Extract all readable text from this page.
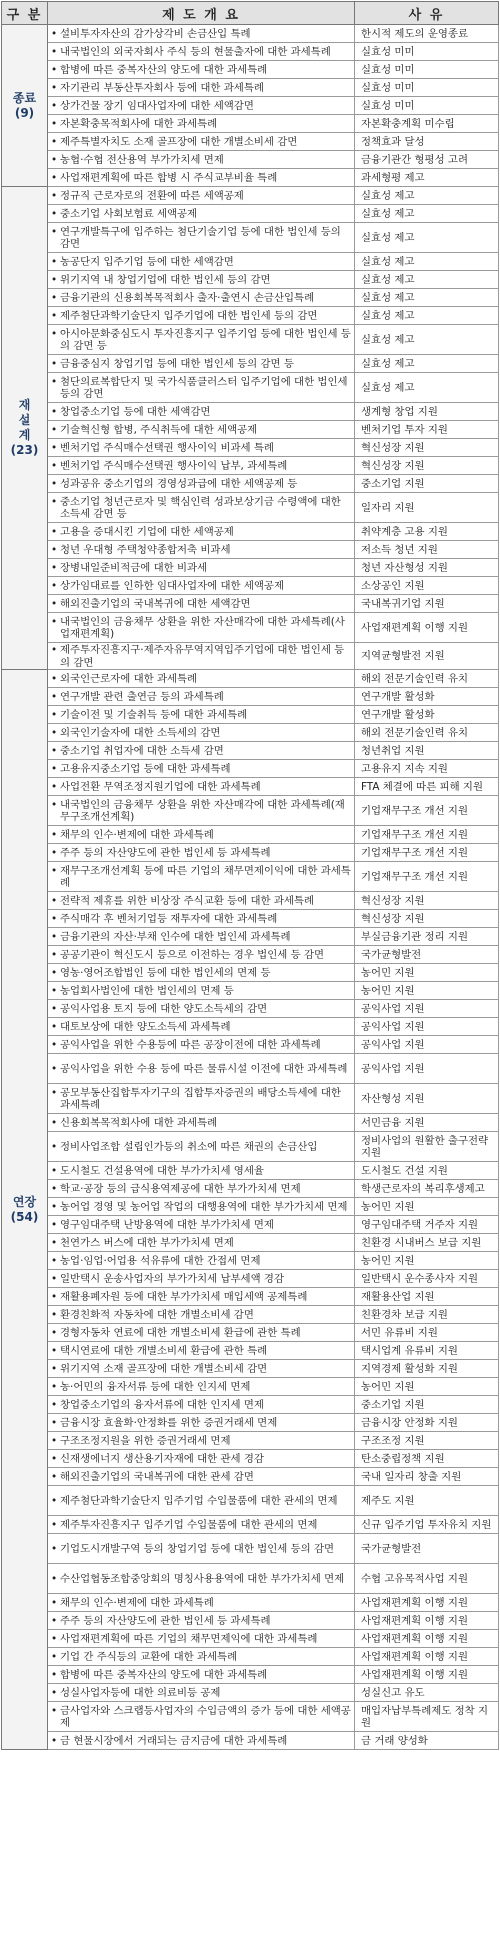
구 분	제 도 개 요	사 유

종료
(9)	• 설비투자자산의 감가상각비 손금산입 특례	한시적 제도의 운영종료
	• 내국법인의 외국자회사 주식 등의 현물출자에 대한 과세특례	실효성 미미
	• 합병에 따른 중복자산의 양도에 대한 과세특례	실효성 미미
	• 자기관리 부동산투자회사 등에 대한 과세특례	실효성 미미
	• 상가건물 장기 임대사업자에 대한 세액감면	실효성 미미
	• 자본확충목적회사에 대한 과세특례	자본확충계획 미수립
	• 제주특별자치도 소재 골프장에 대한 개별소비세 감면	정책효과 달성
	• 농협·수협 전산용역 부가가치세 면제	금융기관간 형평성 고려
	• 사업재편계획에 따른 합병 시 주식교부비율 특례	과세형평 제고

재설계
(23)	• 정규직 근로자로의 전환에 따른 세액공제	실효성 제고
	• 중소기업 사회보험료 세액공제	실효성 제고
	• 연구개발특구에 입주하는 첨단기술기업 등에 대한 법인세 등의 감면	실효성 제고
	• 농공단지 입주기업 등에 대한 세액감면	실효성 제고
	• 위기지역 내 창업기업에 대한 법인세 등의 감면	실효성 제고
	• 금융기관의 신용회복목적회사 출자·출연시 손금산입특례	실효성 제고
	• 제주첨단과학기술단지 입주기업에 대한 법인세 등의 감면	실효성 제고
	• 아시아문화중심도시 투자진흥지구 입주기업 등에 대한 법인세 등의 감면 등	실효성 제고
	• 금융중심지 창업기업 등에 대한 법인세 등의 감면 등	실효성 제고
	• 첨단의료복합단지 및 국가식품클러스터 입주기업에 대한 법인세 등의 감면	실효성 제고
	• 창업중소기업 등에 대한 세액감면	생계형 창업 지원
	• 기술혁신형 합병, 주식취득에 대한 세액공제	벤처기업 투자 지원
	• 벤처기업 주식매수선택권 행사이익 비과세 특례	혁신성장 지원
	• 벤처기업 주식매수선택권 행사이익 납부, 과세특례	혁신성장 지원
	• 성과공유 중소기업의 경영성과급에 대한 세액공제 등	중소기업 지원
	• 중소기업 청년근로자 및 핵심인력 성과보상기금 수령액에 대한 소득세 감면 등	일자리 지원
	• 고용을 증대시킨 기업에 대한 세액공제	취약계층 고용 지원
	• 청년 우대형 주택청약종합저축 비과세	저소득 청년 지원
	• 장병내일준비적금에 대한 비과세	청년 자산형성 지원
	• 상가임대료를 인하한 임대사업자에 대한 세액공제	소상공인 지원
	• 해외진출기업의 국내복귀에 대한 세액감면	국내복귀기업 지원
	• 내국법인의 금융채무 상환을 위한 자산매각에 대한 과세특례(사업재편계획)	사업재편계획 이행 지원
	• 제주투자진흥지구·제주자유무역지역입주기업에 대한 법인세 등의 감면	지역균형발전 지원

연장
(54)	• 외국인근로자에 대한 과세특례	해외 전문기술인력 유치
	• 연구개발 관련 출연금 등의 과세특례	연구개발 활성화
	• 기술이전 및 기술취득 등에 대한 과세특례	연구개발 활성화
	• 외국인기술자에 대한 소득세의 감면	해외 전문기술인력 유치
	• 중소기업 취업자에 대한 소득세 감면	청년취업 지원
	• 고용유지중소기업 등에 대한 과세특례	고용유지 지속 지원
	• 사업전환 무역조정지원기업에 대한 과세특례	FTA 체결에 따른 피해 지원
	• 내국법인의 금융채무 상환을 위한 자산매각에 대한 과세특례(재무구조개선계획)	기업재무구조 개선 지원
	• 채무의 인수·변제에 대한 과세특례	기업재무구조 개선 지원
	• 주주 등의 자산양도에 관한 법인세 등 과세특례	기업재무구조 개선 지원
	• 재무구조개선계획 등에 따른 기업의 채무면제이익에 대한 과세특례	기업재무구조 개선 지원
	• 전략적 제휴를 위한 비상장 주식교환 등에 대한 과세특례	혁신성장 지원
	• 주식매각 후 벤처기업등 재투자에 대한 과세특례	혁신성장 지원
	• 금융기관의 자산·부채 인수에 대한 법인세 과세특례	부실금융기관 정리 지원
	• 공공기관이 혁신도시 등으로 이전하는 경우 법인세 등 감면	국가균형발전
	• 영농·영어조합법인 등에 대한 법인세의 면제 등	농어민 지원
	• 농업회사법인에 대한 법인세의 면제 등	농어민 지원
	• 공익사업용 토지 등에 대한 양도소득세의 감면	공익사업 지원
	• 대토보상에 대한 양도소득세 과세특례	공익사업 지원
	• 공익사업을 위한 수용등에 따른 공장이전에 대한 과세특례	공익사업 지원
	• 공익사업을 위한 수용 등에 따른 물류시설 이전에 대한 과세특례	공익사업 지원
	• 공모부동산집합투자기구의 집합투자증권의 배당소득세에 대한 과세특례	자산형성 지원
	• 신용회복목적회사에 대한 과세특례	서민금융 지원
	• 정비사업조합 설립인가등의 취소에 따른 채권의 손금산입	정비사업의 원활한 출구전략 지원
	• 도시철도 건설용역에 대한 부가가치세 영세율	도시철도 건설 지원
	• 학교·공장 등의 급식용역제공에 대한 부가가치세 면제	학생근로자의 복리후생제고
	• 농어업 경영 및 농어업 작업의 대행용역에 대한 부가가치세 면제	농어민 지원
	• 영구임대주택 난방용역에 대한 부가가치세 면제	영구임대주택 거주자 지원
	• 천연가스 버스에 대한 부가가치세 면제	친환경 시내버스 보급 지원
	• 농업·임업·어업용 석유류에 대한 간접세 면제	농어민 지원
	• 일반택시 운송사업자의 부가가치세 납부세액 경감	일반택시 운수종사자 지원
	• 재활용폐자원 등에 대한 부가가치세 매입세액 공제특례	재활용산업 지원
	• 환경친화적 자동차에 대한 개별소비세 감면	친환경차 보급 지원
	• 경형자동차 연료에 대한 개별소비세 환급에 관한 특례	서민 유류비 지원
	• 택시연료에 대한 개별소비세 환급에 관한 특례	택시업계 유류비 지원
	• 위기지역 소재 골프장에 대한 개별소비세 감면	지역경제 활성화 지원
	• 농·어민의 융자서류 등에 대한 인지세 면제	농어민 지원
	• 창업중소기업의 융자서류에 대한 인지세 면제	중소기업 지원
	• 금융시장 효율화·안정화를 위한 증권거래세 면제	금융시장 안정화 지원
	• 구조조정지원을 위한 증권거래세 면제	구조조정 지원
	• 신재생에너지 생산용기자재에 대한 관세 경감	탄소중립정책 지원
	• 해외진출기업의 국내복귀에 대한 관세 감면	국내 일자리 창출 지원
	• 제주첨단과학기술단지 입주기업 수입물품에 대한 관세의 면제	제주도 지원
	• 제주투자진흥지구 입주기업 수입물품에 대한 관세의 면제	신규 입주기업 투자유치 지원
	• 기업도시개발구역 등의 창업기업 등에 대한 법인세 등의 감면	국가균형발전
	• 수산업협동조합중앙회의 명칭사용용역에 대한 부가가치세 면제	수협 고유목적사업 지원
	• 채무의 인수·변제에 대한 과세특례	사업재편계획 이행 지원
	• 주주 등의 자산양도에 관한 법인세 등 과세특례	사업재편계획 이행 지원
	• 사업재편계획에 따른 기업의 채무면제익에 대한 과세특례	사업재편계획 이행 지원
	• 기업 간 주식등의 교환에 대한 과세특례	사업재편계획 이행 지원
	• 합병에 따른 중복자산의 양도에 대한 과세특례	사업재편계획 이행 지원
	• 성실사업자등에 대한 의료비등 공제	성실신고 유도
	• 금사업자와 스크랩등사업자의 수입금액의 증가 등에 대한 세액공제	매입자납부특례제도 정착 지원
	• 금 현물시장에서 거래되는 금지금에 대한 과세특례	금 거래 양성화
